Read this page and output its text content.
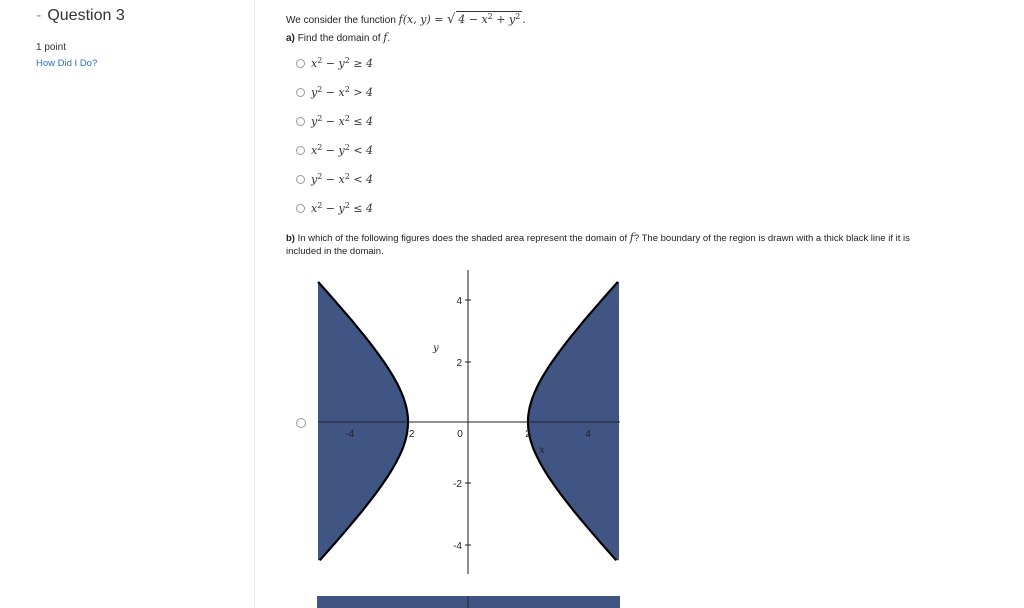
- Question 3
1 point
How Did I Do?
We consider the function f(x, y) = √ $4 - x^2 + y^2$ .
a) Find the domain of f.
$x^2 - y^2 \ge 4$
$y^2 - x^2 > 4$
$y^2 - x^2 \le 4$
$x^2 - y^2 < 4$
$y^2 - x^2 < 4$
$x^2 - y^2 \le 4$
b) In which of the following figures does the shaded area represent the domain of f? The boundary of the region is drawn with a thick black line if it is included in the domain.
-4	-2	0	2	4
4
2
-2
-4
x
y
